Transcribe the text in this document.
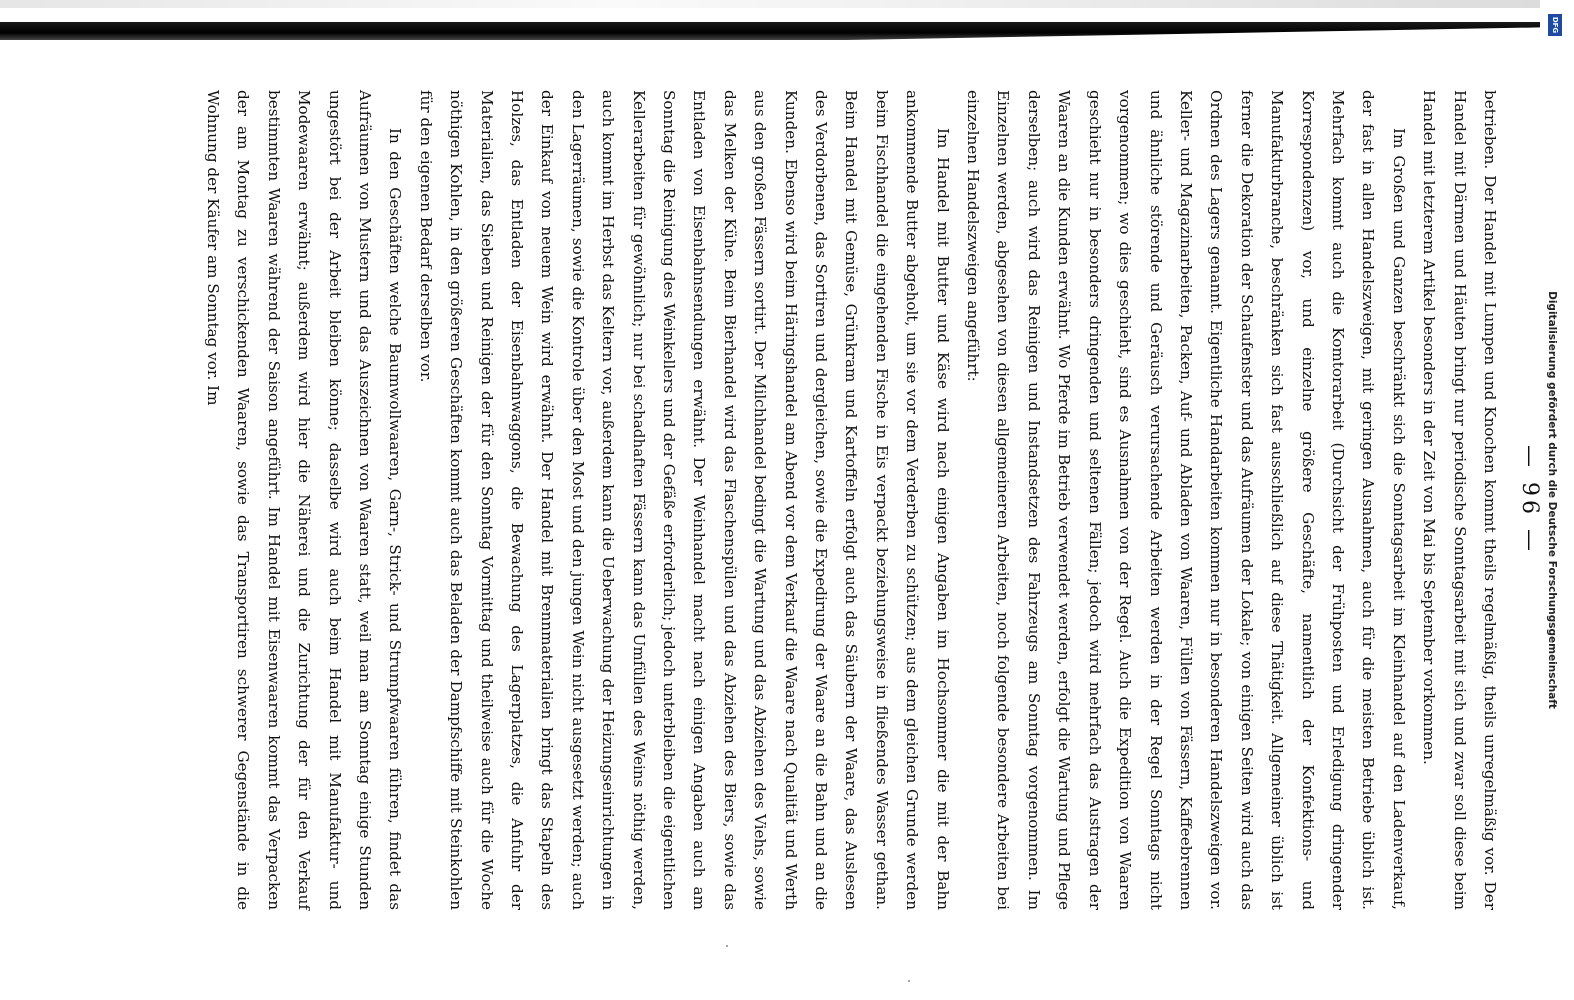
— 96 —

betrieben. Der Handel mit Lumpen und Knochen kommt theils regelmäßig, theils unregelmäßig vor. Der Handel mit Därmen und Häuten bringt nur periodische Sonntagsarbeit mit sich und zwar soll diese beim Handel mit letzterem Artikel besonders in der Zeit von Mai bis September vorkommen.

Im Großen und Ganzen beschränkt sich die Sonntagsarbeit im Kleinhandel auf den Ladenverkauf, der fast in allen Handelszweigen, mit geringen Ausnahmen, auch für die meisten Betriebe üblich ist. Mehrfach kommt auch die Komtorarbeit (Durchsicht der Frühposten und Erledigung dringender Korrespondenzen) vor, und einzelne größere Geschäfte, namentlich der Konfektions- und Manufakturbranche, beschränken sich fast ausschließlich auf diese Thätigkeit. Allgemeiner üblich ist ferner die Dekoration der Schaufenster und das Aufräumen der Lokale; von einigen Seiten wird auch das Ordnen des Lagers genannt. Eigentliche Handarbeiten kommen nur in besonderen Handelszweigen vor. Keller- und Magazinarbeiten, Packen, Auf- und Abladen von Waaren, Füllen von Fässern, Kaffeebrennen und ähnliche störende und Geräusch verursachende Arbeiten werden in der Regel Sonntags nicht vorgenommen; wo dies geschieht, sind es Ausnahmen von der Regel. Auch die Expedition von Waaren geschieht nur in besonders dringenden und seltenen Fällen; jedoch wird mehrfach das Austragen der Waaren an die Kunden erwähnt. Wo Pferde im Betrieb verwendet werden, erfolgt die Wartung und Pflege derselben; auch wird das Reinigen und Instandsetzen des Fahrzeugs am Sonntag vorgenommen. Im Einzelnen werden, abgesehen von diesen allgemeineren Arbeiten, noch folgende besondere Arbeiten bei einzelnen Handelszweigen angeführt:

Im Handel mit Butter und Käse wird nach einigen Angaben im Hochsommer die mit der Bahn ankommende Butter abgeholt, um sie vor dem Verderben zu schützen; aus dem gleichen Grunde werden beim Fischhandel die eingehenden Fische in Eis verpackt beziehungsweise in fließendes Wasser gethan. Beim Handel mit Gemüse, Grünkram und Kartoffeln erfolgt auch das Säubern der Waare, das Auslesen des Verdorbenen, das Sortiren und dergleichen, sowie die Expedirung der Waare an die Bahn und an die Kunden. Ebenso wird beim Häringshandel am Abend vor dem Verkauf die Waare nach Qualität und Werth aus den großen Fässern sortirt. Der Milchhandel bedingt die Wartung und das Abziehen des Viehs, sowie das Melken der Kühe. Beim Bierhandel wird das Flaschenspülen und das Abziehen des Biers, sowie das Entladen von Eisenbahnsendungen erwähnt. Der Weinhandel macht nach einigen Angaben auch am Sonntag die Reinigung des Weinkellers und der Gefäße erforderlich; jedoch unterbleiben die eigentlichen Kellerarbeiten für gewöhnlich; nur bei schadhaften Fässern kann das Umfüllen des Weins nöthig werden, auch kommt im Herbst das Keltern vor, außerdem kann die Ueberwachung der Heizungseinrichtungen in den Lagerräumen, sowie die Kontrole über den Most und den jungen Wein nicht ausgesetzt werden; auch der Einkauf von neuem Wein wird erwähnt. Der Handel mit Brennmaterialien bringt das Stapeln des Holzes, das Entladen der Eisenbahnwaggons, die Bewachung des Lagerplatzes, die Anfuhr der Materialien, das Sieben und Reinigen der für den Sonntag Vormittag und theilweise auch für die Woche nöthigen Kohlen, in den größeren Geschäften kommt auch das Beladen der Dampfschiffe mit Steinkohlen für den eigenen Bedarf derselben vor.

In den Geschäften welche Baumwollwaaren, Garn-, Strick- und Strumpfwaaren führen, findet das Aufräumen von Mustern und das Auszeichnen von Waaren statt, weil man am Sonntag einige Stunden ungestört bei der Arbeit bleiben könne; dasselbe wird auch beim Handel mit Manufaktur- und Modewaaren erwähnt; außerdem wird hier die Näherei und die Zurichtung der für den Verkauf bestimmten Waaren während der Saison angeführt. Im Handel mit Eisenwaaren kommt das Verpacken der am Montag zu verschickenden Waaren, sowie das Transportiren schwerer Gegenstände in die Wohnung der Käufer am Sonntag vor. Im

DFG
Digitalisierung gefördert durch die Deutsche Forschungsgemeinschaft
